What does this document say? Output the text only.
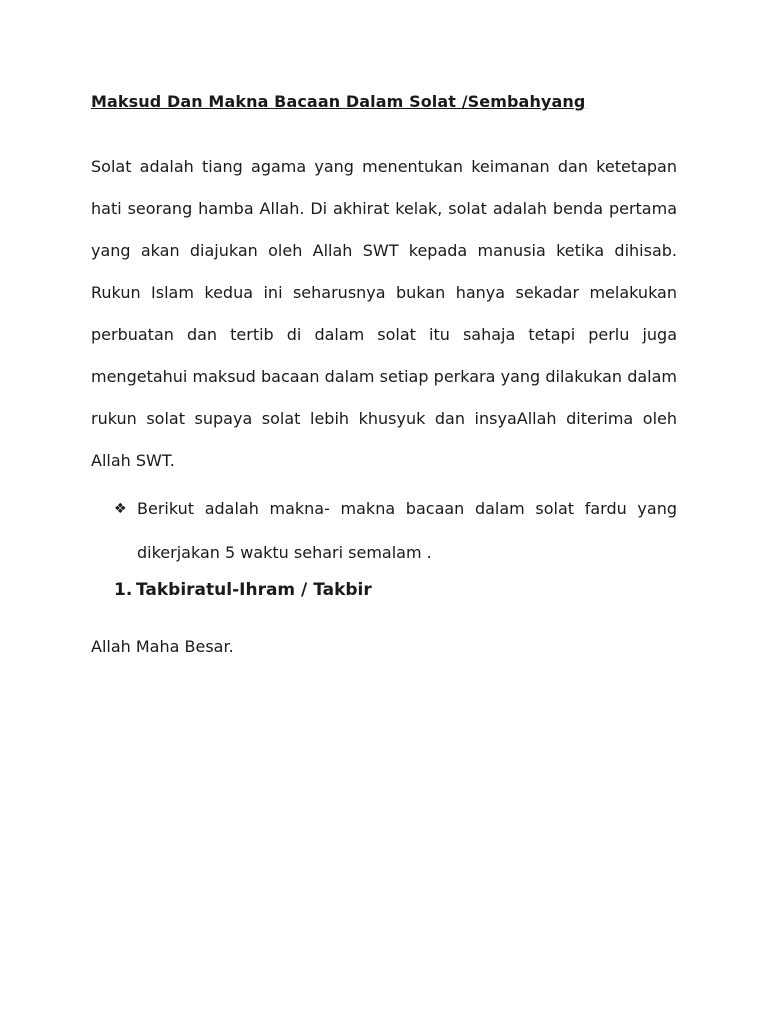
Maksud Dan Makna Bacaan Dalam Solat /Sembahyang

Solat adalah tiang agama yang menentukan keimanan dan ketetapan hati seorang hamba Allah. Di akhirat kelak, solat adalah benda pertama yang akan diajukan oleh Allah SWT kepada manusia ketika dihisab. Rukun Islam kedua ini seharusnya bukan hanya sekadar melakukan perbuatan dan tertib di dalam solat itu sahaja tetapi perlu juga mengetahui maksud bacaan dalam setiap perkara yang dilakukan dalam rukun solat supaya solat lebih khusyuk dan insyaAllah diterima oleh Allah SWT.

❖ Berikut adalah makna- makna bacaan dalam solat fardu yang dikerjakan 5 waktu sehari semalam .

1. Takbiratul-Ihram / Takbir
Allah Maha Besar.
